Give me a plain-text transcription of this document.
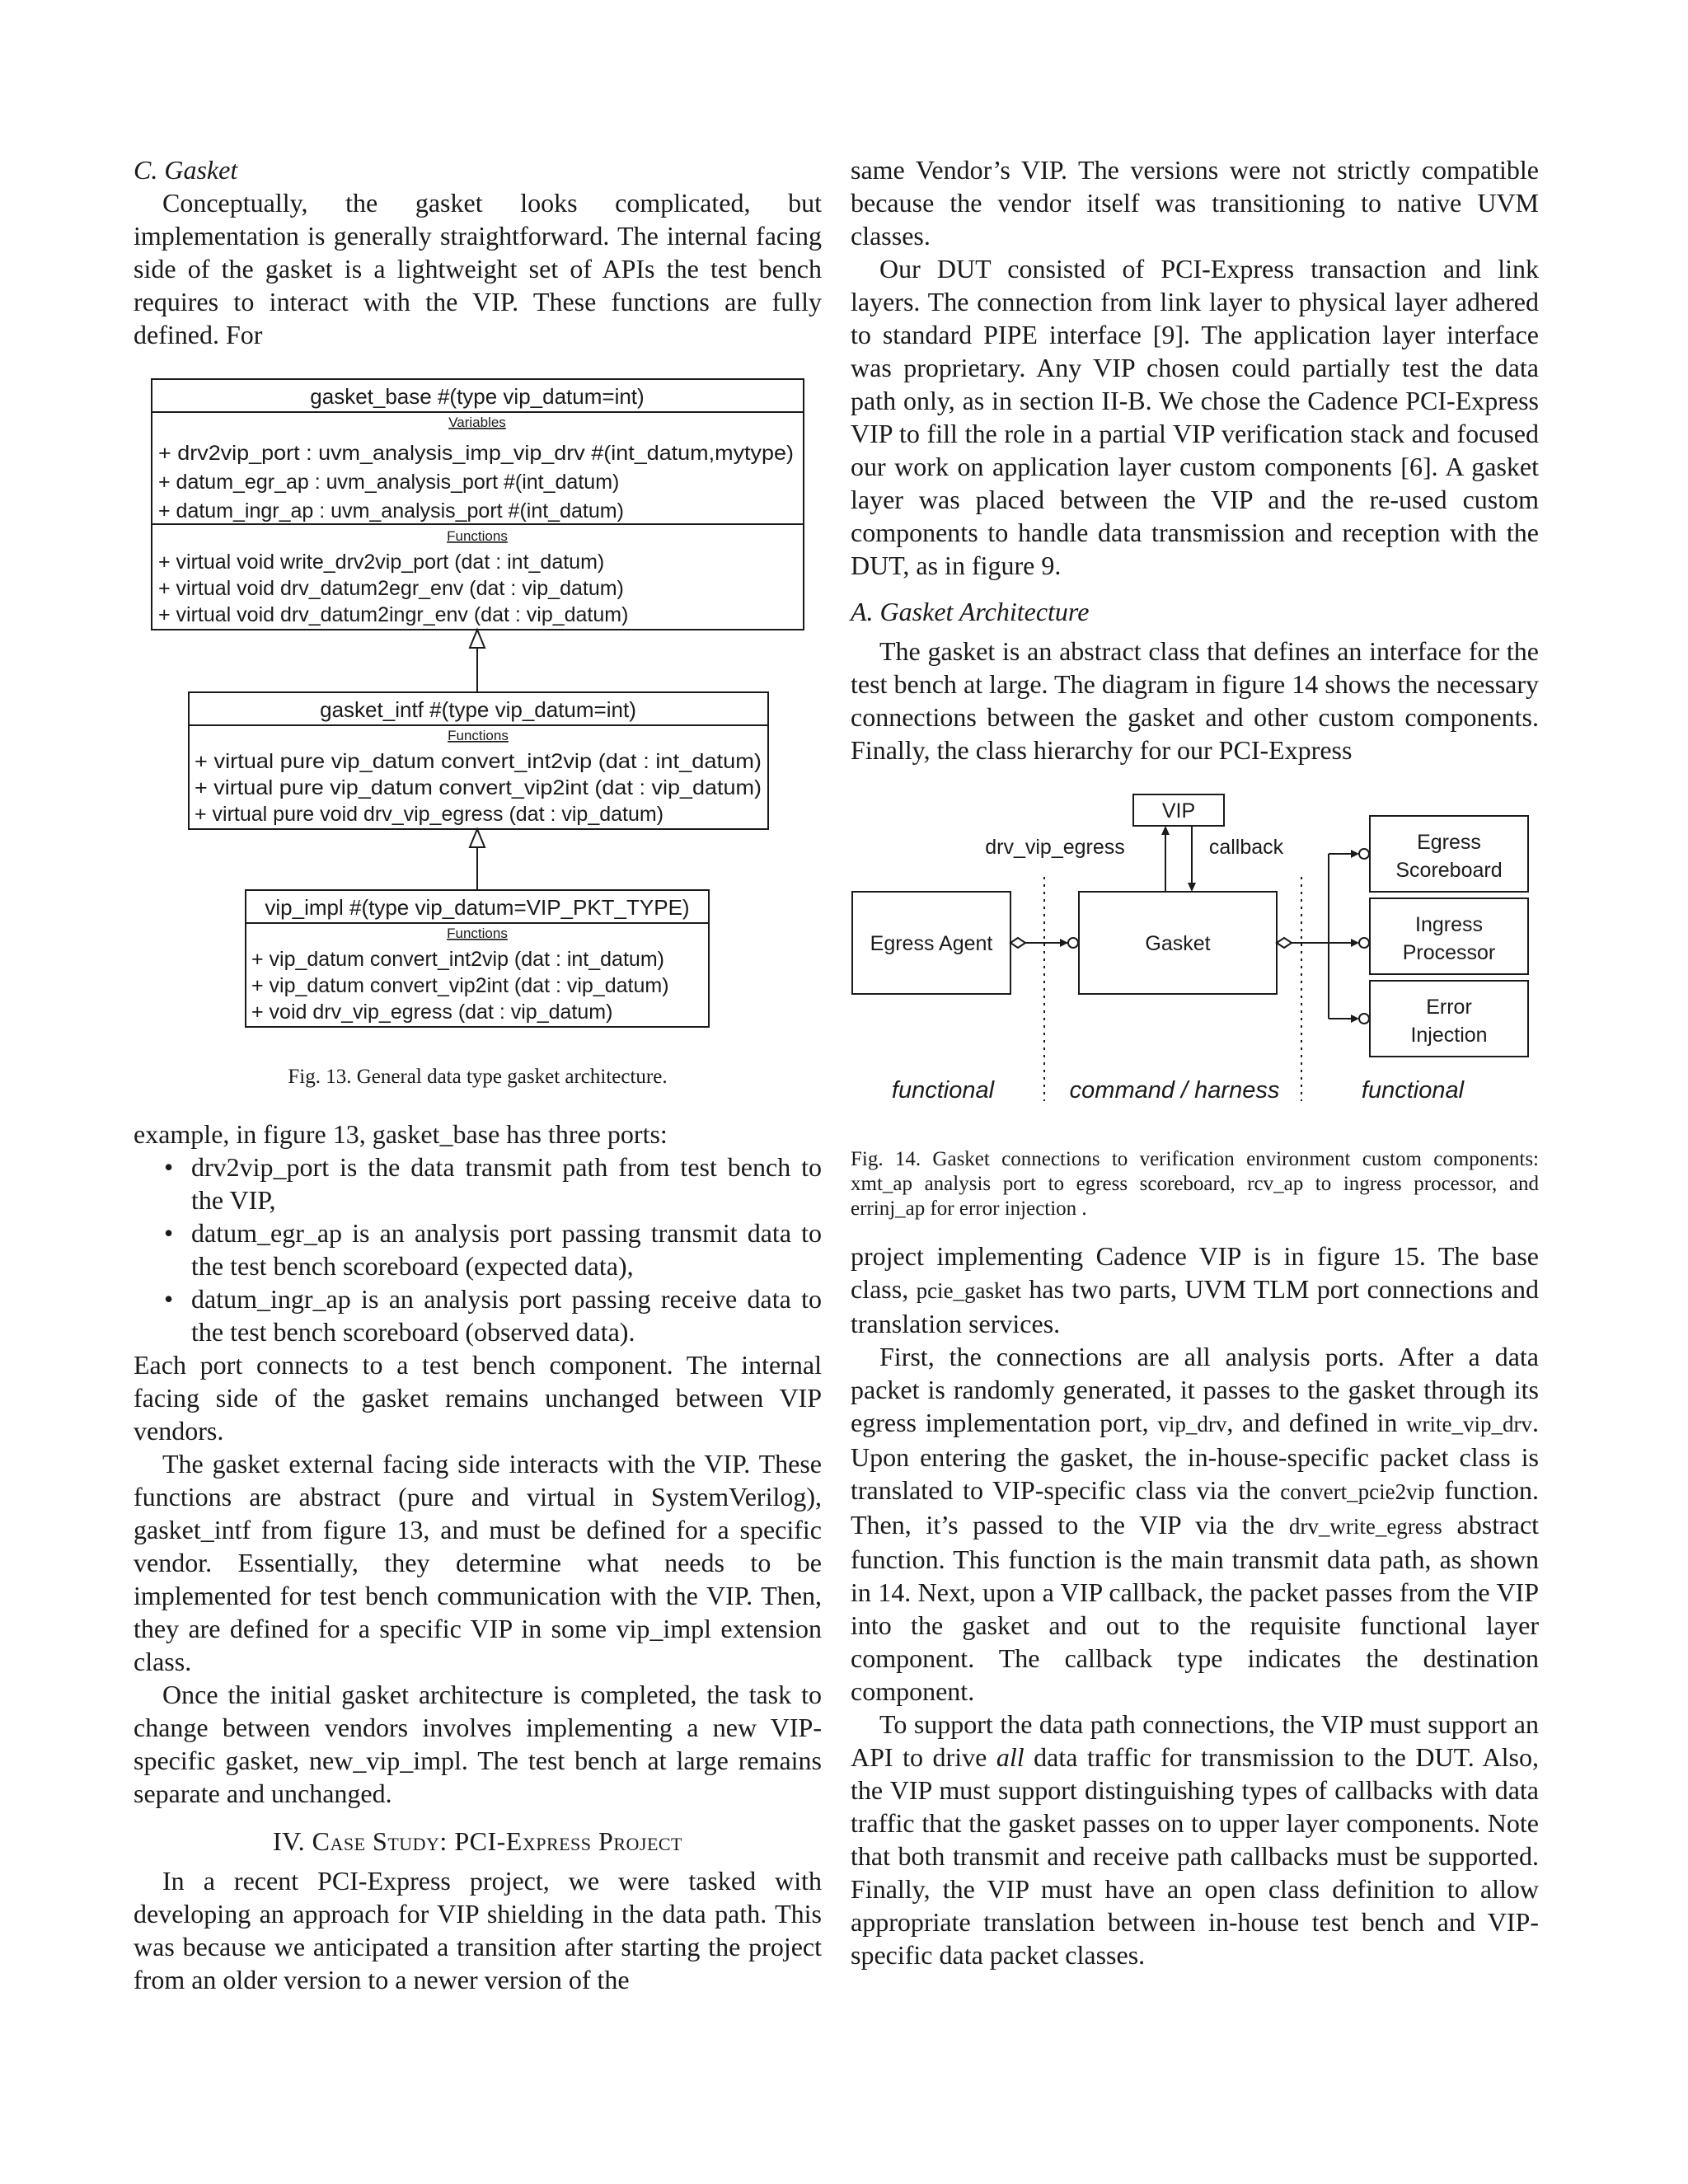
C. Gasket

Conceptually, the gasket looks complicated, but implementation is generally straightforward. The internal facing side of the gasket is a lightweight set of APIs the test bench requires to interact with the VIP. These functions are fully defined. For

gasket_base #(type vip_datum=int)
Variables
+ drv2vip_port : uvm_analysis_imp_vip_drv #(int_datum,mytype)
+ datum_egr_ap : uvm_analysis_port #(int_datum)
+ datum_ingr_ap : uvm_analysis_port #(int_datum)
Functions
+ virtual void write_drv2vip_port (dat : int_datum)
+ virtual void drv_datum2egr_env (dat : vip_datum)
+ virtual void drv_datum2ingr_env (dat : vip_datum)
gasket_intf #(type vip_datum=int)
Functions
+ virtual pure vip_datum convert_int2vip (dat : int_datum)
+ virtual pure vip_datum convert_vip2int (dat : vip_datum)
+ virtual pure void drv_vip_egress (dat : vip_datum)
vip_impl #(type vip_datum=VIP_PKT_TYPE)
Functions
+ vip_datum convert_int2vip (dat : int_datum)
+ vip_datum convert_vip2int (dat : vip_datum)
+ void drv_vip_egress (dat : vip_datum)
Fig. 13. General data type gasket architecture.

example, in figure 13, gasket_base has three ports:

• drv2vip_port is the data transmit path from test bench to the VIP,
• datum_egr_ap is an analysis port passing transmit data to the test bench scoreboard (expected data),
• datum_ingr_ap is an analysis port passing receive data to the test bench scoreboard (observed data).

Each port connects to a test bench component. The internal facing side of the gasket remains unchanged between VIP vendors.

The gasket external facing side interacts with the VIP. These functions are abstract (pure and virtual in SystemVerilog), gasket_intf from figure 13, and must be defined for a specific vendor. Essentially, they determine what needs to be implemented for test bench communication with the VIP. Then, they are defined for a specific VIP in some vip_impl extension class.

Once the initial gasket architecture is completed, the task to change between vendors involves implementing a new VIP-specific gasket, new_vip_impl. The test bench at large remains separate and unchanged.

IV. Case Study: PCI-Express Project

In a recent PCI-Express project, we were tasked with developing an approach for VIP shielding in the data path. This was because we anticipated a transition after starting the project from an older version to a newer version of the

same Vendor’s VIP. The versions were not strictly compatible because the vendor itself was transitioning to native UVM classes.

Our DUT consisted of PCI-Express transaction and link layers. The connection from link layer to physical layer adhered to standard PIPE interface [9]. The application layer interface was proprietary. Any VIP chosen could partially test the data path only, as in section II-B. We chose the Cadence PCI-Express VIP to fill the role in a partial VIP verification stack and focused our work on application layer custom components [6]. A gasket layer was placed between the VIP and the re-used custom components to handle data transmission and reception with the DUT, as in figure 9.

A. Gasket Architecture

The gasket is an abstract class that defines an interface for the test bench at large. The diagram in figure 14 shows the necessary connections between the gasket and other custom components. Finally, the class hierarchy for our PCI-Express

VIP
drv_vip_egress	callback
Egress Agent	Gasket
Egress
Scoreboard
Ingress
Processor
Error
Injection
functional	command / harness	functional
Fig. 14. Gasket connections to verification environment custom components: xmt_ap analysis port to egress scoreboard, rcv_ap to ingress processor, and errinj_ap for error injection .

project implementing Cadence VIP is in figure 15. The base class, pcie_gasket has two parts, UVM TLM port connections and translation services.

First, the connections are all analysis ports. After a data packet is randomly generated, it passes to the gasket through its egress implementation port, vip_drv, and defined in write_vip_drv. Upon entering the gasket, the in-house-specific packet class is translated to VIP-specific class via the convert_pcie2vip function. Then, it’s passed to the VIP via the drv_write_egress abstract function. This function is the main transmit data path, as shown in 14. Next, upon a VIP callback, the packet passes from the VIP into the gasket and out to the requisite functional layer component. The callback type indicates the destination component.

To support the data path connections, the VIP must support an API to drive all data traffic for transmission to the DUT. Also, the VIP must support distinguishing types of callbacks with data traffic that the gasket passes on to upper layer components. Note that both transmit and receive path callbacks must be supported. Finally, the VIP must have an open class definition to allow appropriate translation between in-house test bench and VIP-specific data packet classes.
